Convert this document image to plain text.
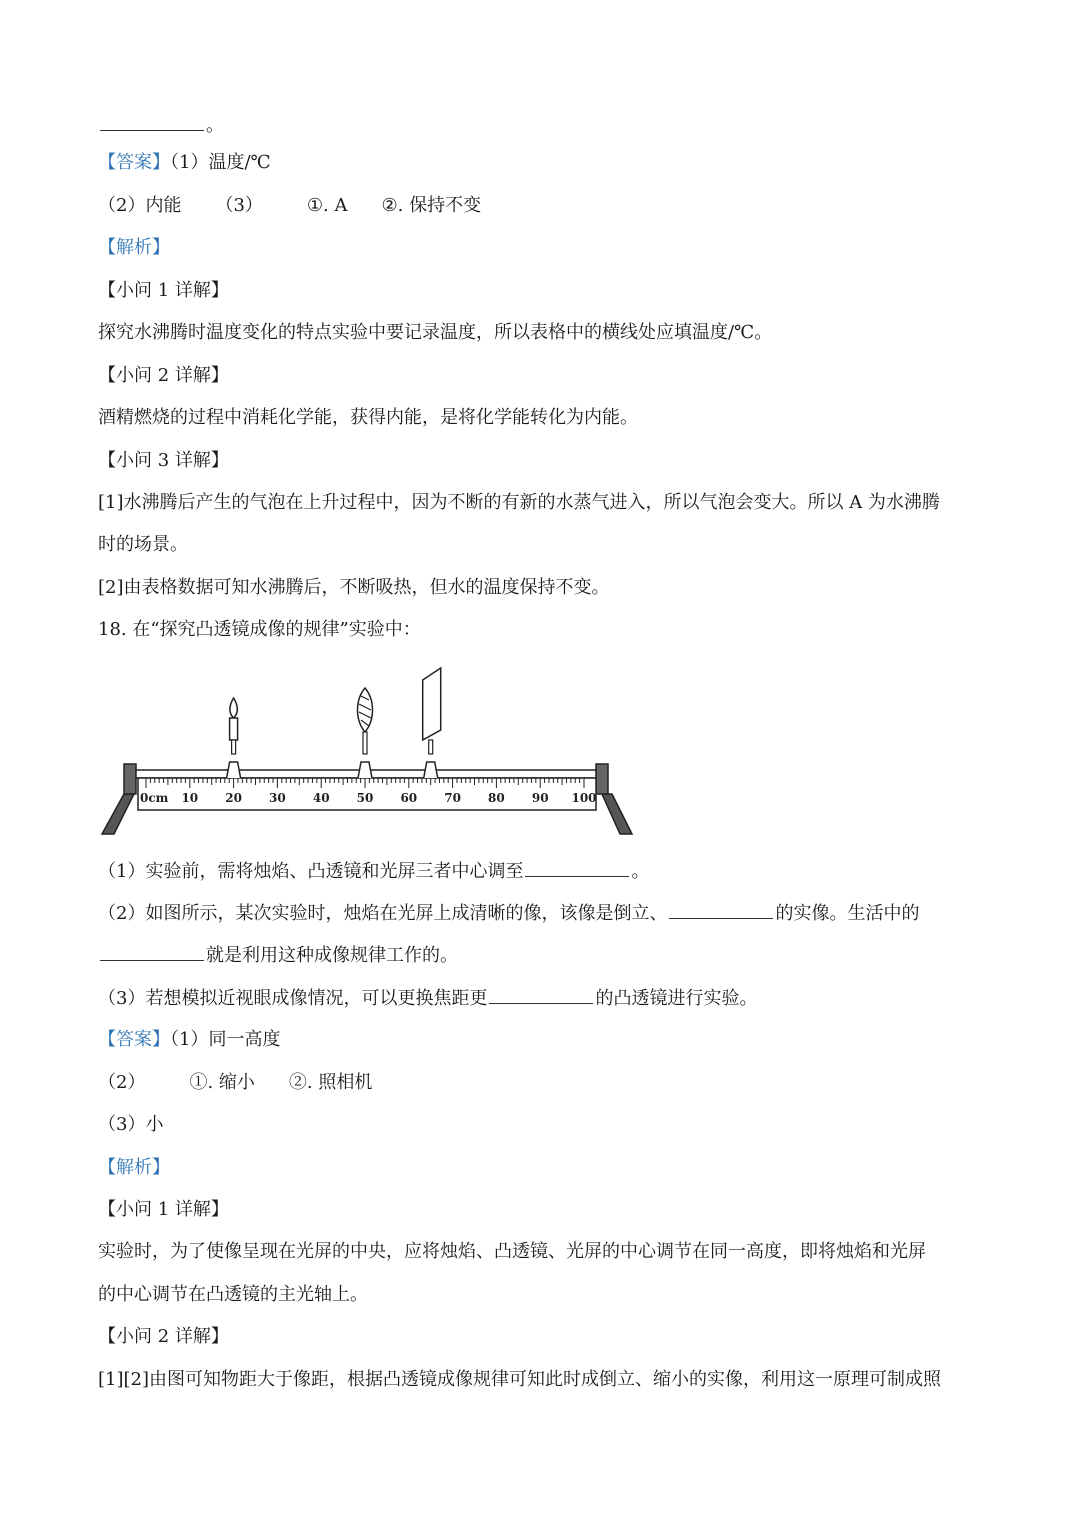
。
【答案】（1）温度/℃
（2）内能 （3） ①. A ②. 保持不变
【解析】
【小问 1 详解】
探究水沸腾时温度变化的特点实验中要记录温度，所以表格中的横线处应填温度/℃。
【小问 2 详解】
酒精燃烧的过程中消耗化学能，获得内能，是将化学能转化为内能。
【小问 3 详解】
[1]水沸腾后产生的气泡在上升过程中，因为不断的有新的水蒸气进入，所以气泡会变大。所以 A 为水沸腾
时的场景。
[2]由表格数据可知水沸腾后，不断吸热，但水的温度保持不变。
18. 在“探究凸透镜成像的规律”实验中：
0cm 10 20 30 40 50 60 70 80 90 100
（1）实验前，需将烛焰、凸透镜和光屏三者中心调至	。
（2）如图所示，某次实验时，烛焰在光屏上成清晰的像，该像是倒立、	的实像。生活中的
就是利用这种成像规律工作的。
（3）若想模拟近视眼成像情况，可以更换焦距更	的凸透镜进行实验。
【答案】（1）同一高度
（2） ①. 缩小 ②. 照相机
（3）小
【解析】
【小问 1 详解】
实验时，为了使像呈现在光屏的中央，应将烛焰、凸透镜、光屏的中心调节在同一高度，即将烛焰和光屏
的中心调节在凸透镜的主光轴上。
【小问 2 详解】
[1][2]由图可知物距大于像距，根据凸透镜成像规律可知此时成倒立、缩小的实像，利用这一原理可制成照
